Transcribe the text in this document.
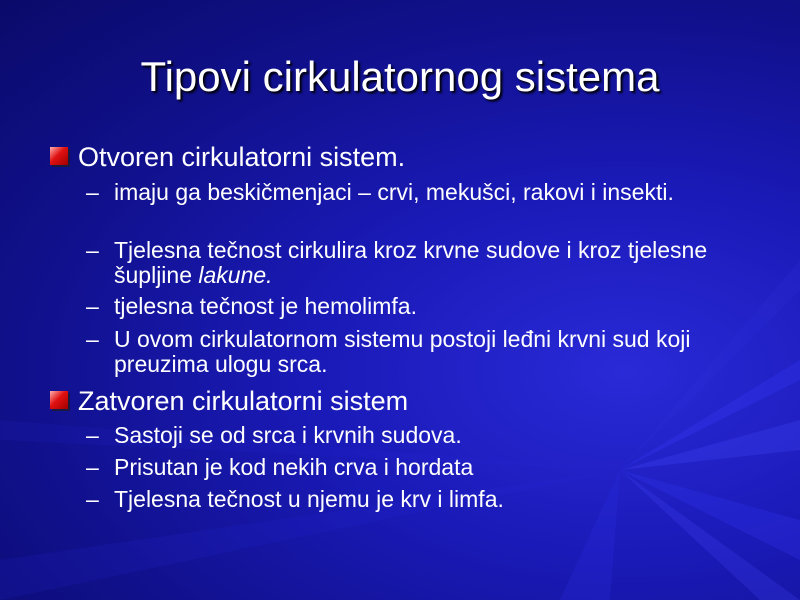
Tipovi cirkulatornog sistema
Otvoren cirkulatorni sistem.
– imaju ga beskičmenjaci – crvi, mekušci, rakovi i insekti.
– Tjelesna tečnost cirkulira kroz krvne sudove i kroz tjelesne šupljine lakune.
– tjelesna tečnost je hemolimfa.
– U ovom cirkulatornom sistemu postoji leđni krvni sud koji preuzima ulogu srca.
Zatvoren cirkulatorni sistem
– Sastoji se od srca i krvnih sudova.
– Prisutan je kod nekih crva i hordata
– Tjelesna tečnost u njemu je krv i limfa.
